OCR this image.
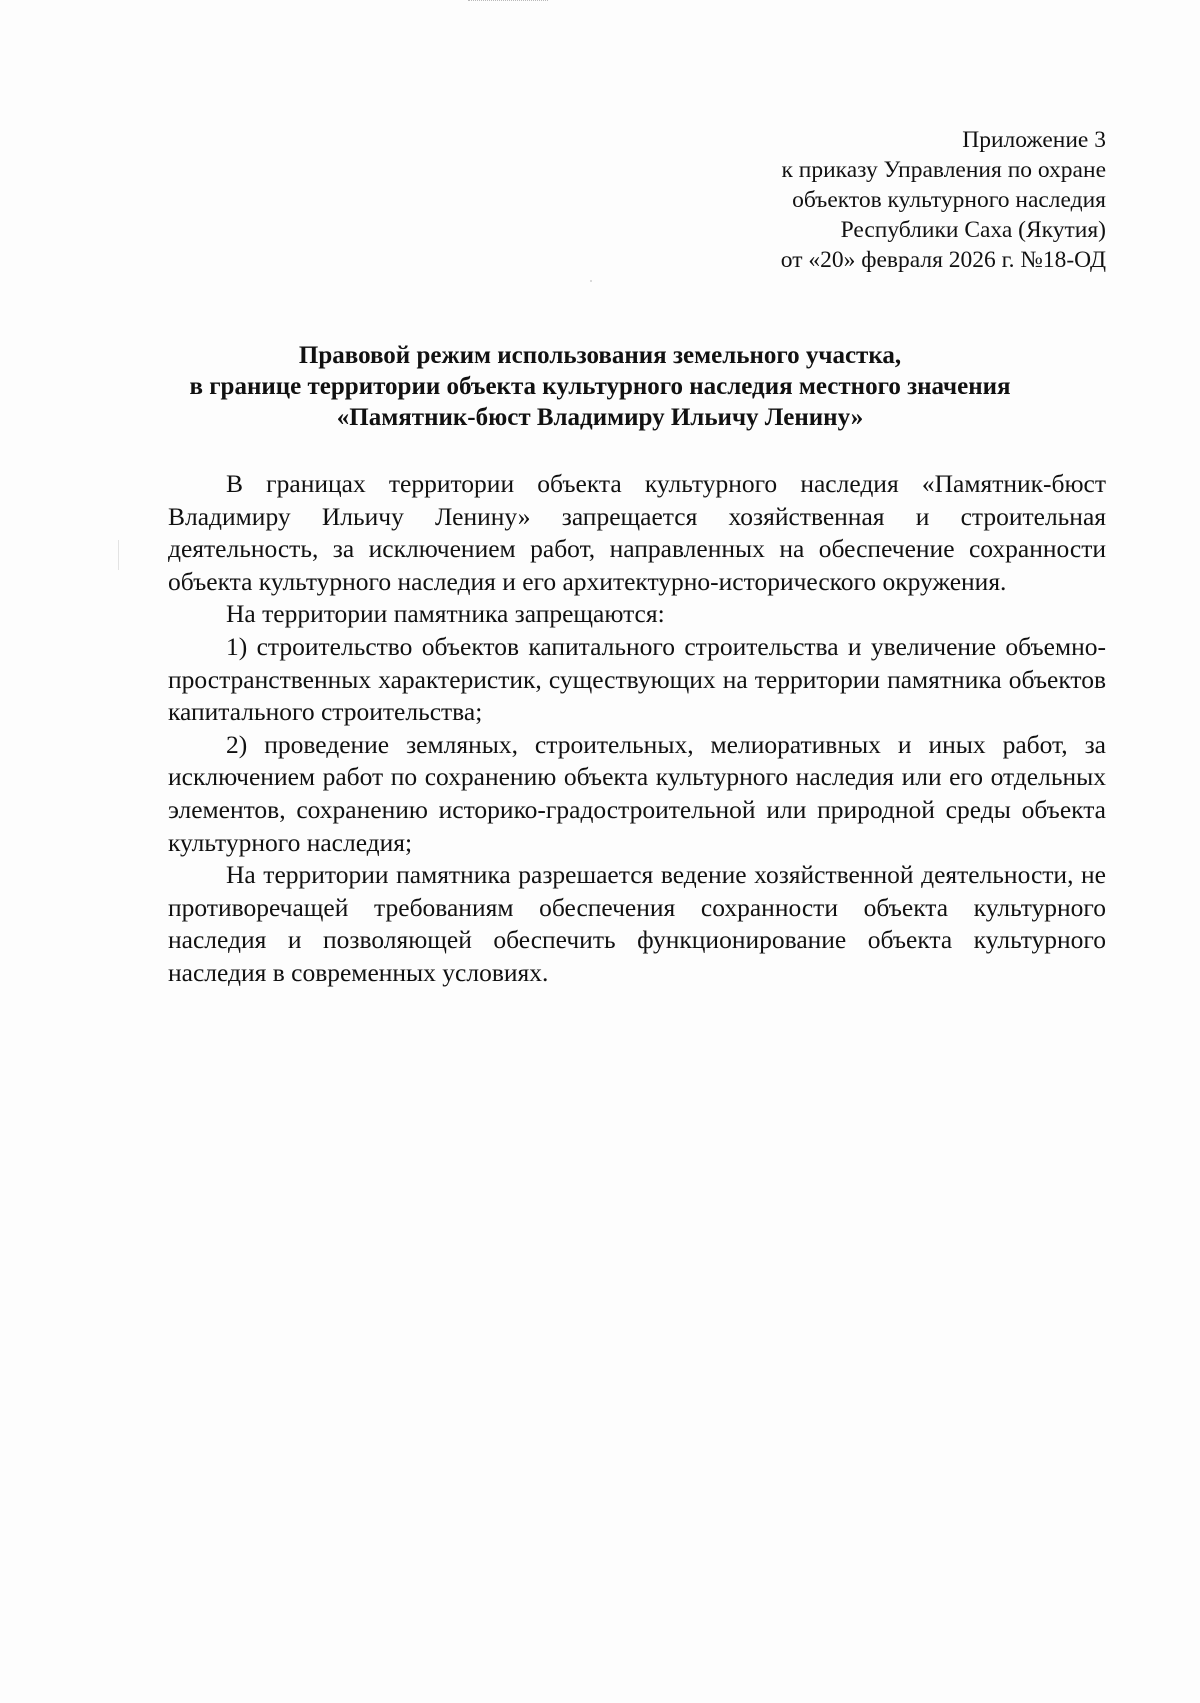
Приложение 3
к приказу Управления по охране
объектов культурного наследия
Республики Саха (Якутия)
от «20» февраля 2026 г. №18-ОД
Правовой режим использования земельного участка,
в границе территории объекта культурного наследия местного значения
«Памятник-бюст Владимиру Ильичу Ленину»

В границах территории объекта культурного наследия «Памятник-бюст Владимиру Ильичу Ленину» запрещается хозяйственная и строительная деятельность, за исключением работ, направленных на обеспечение сохранности объекта культурного наследия и его архитектурно-исторического окружения.

На территории памятника запрещаются:

1) строительство объектов капитального строительства и увеличение объемно-пространственных характеристик, существующих на территории памятника объектов капитального строительства;

2) проведение земляных, строительных, мелиоративных и иных работ, за исключением работ по сохранению объекта культурного наследия или его отдельных элементов, сохранению историко-градостроительной или природной среды объекта культурного наследия;

На территории памятника разрешается ведение хозяйственной деятельности, не противоречащей требованиям обеспечения сохранности объекта культурного наследия и позволяющей обеспечить функционирование объекта культурного наследия в современных условиях.
